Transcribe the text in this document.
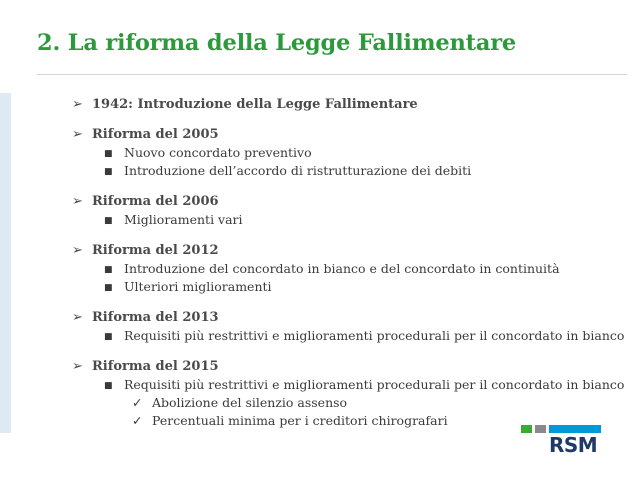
2. La riforma della Legge Fallimentare
➢ 1942: Introduzione della Legge Fallimentare
➢ Riforma del 2005
■ Nuovo concordato preventivo
■ Introduzione dell’accordo di ristrutturazione dei debiti
➢ Riforma del 2006
■ Miglioramenti vari
➢ Riforma del 2012
■ Introduzione del concordato in bianco e del concordato in continuità
■ Ulteriori miglioramenti
➢ Riforma del 2013
■ Requisiti più restrittivi e miglioramenti procedurali per il concordato in bianco
➢ Riforma del 2015
■ Requisiti più restrittivi e miglioramenti procedurali per il concordato in bianco
✓ Abolizione del silenzio assenso
✓ Percentuali minima per i creditori chirografari
RSM
